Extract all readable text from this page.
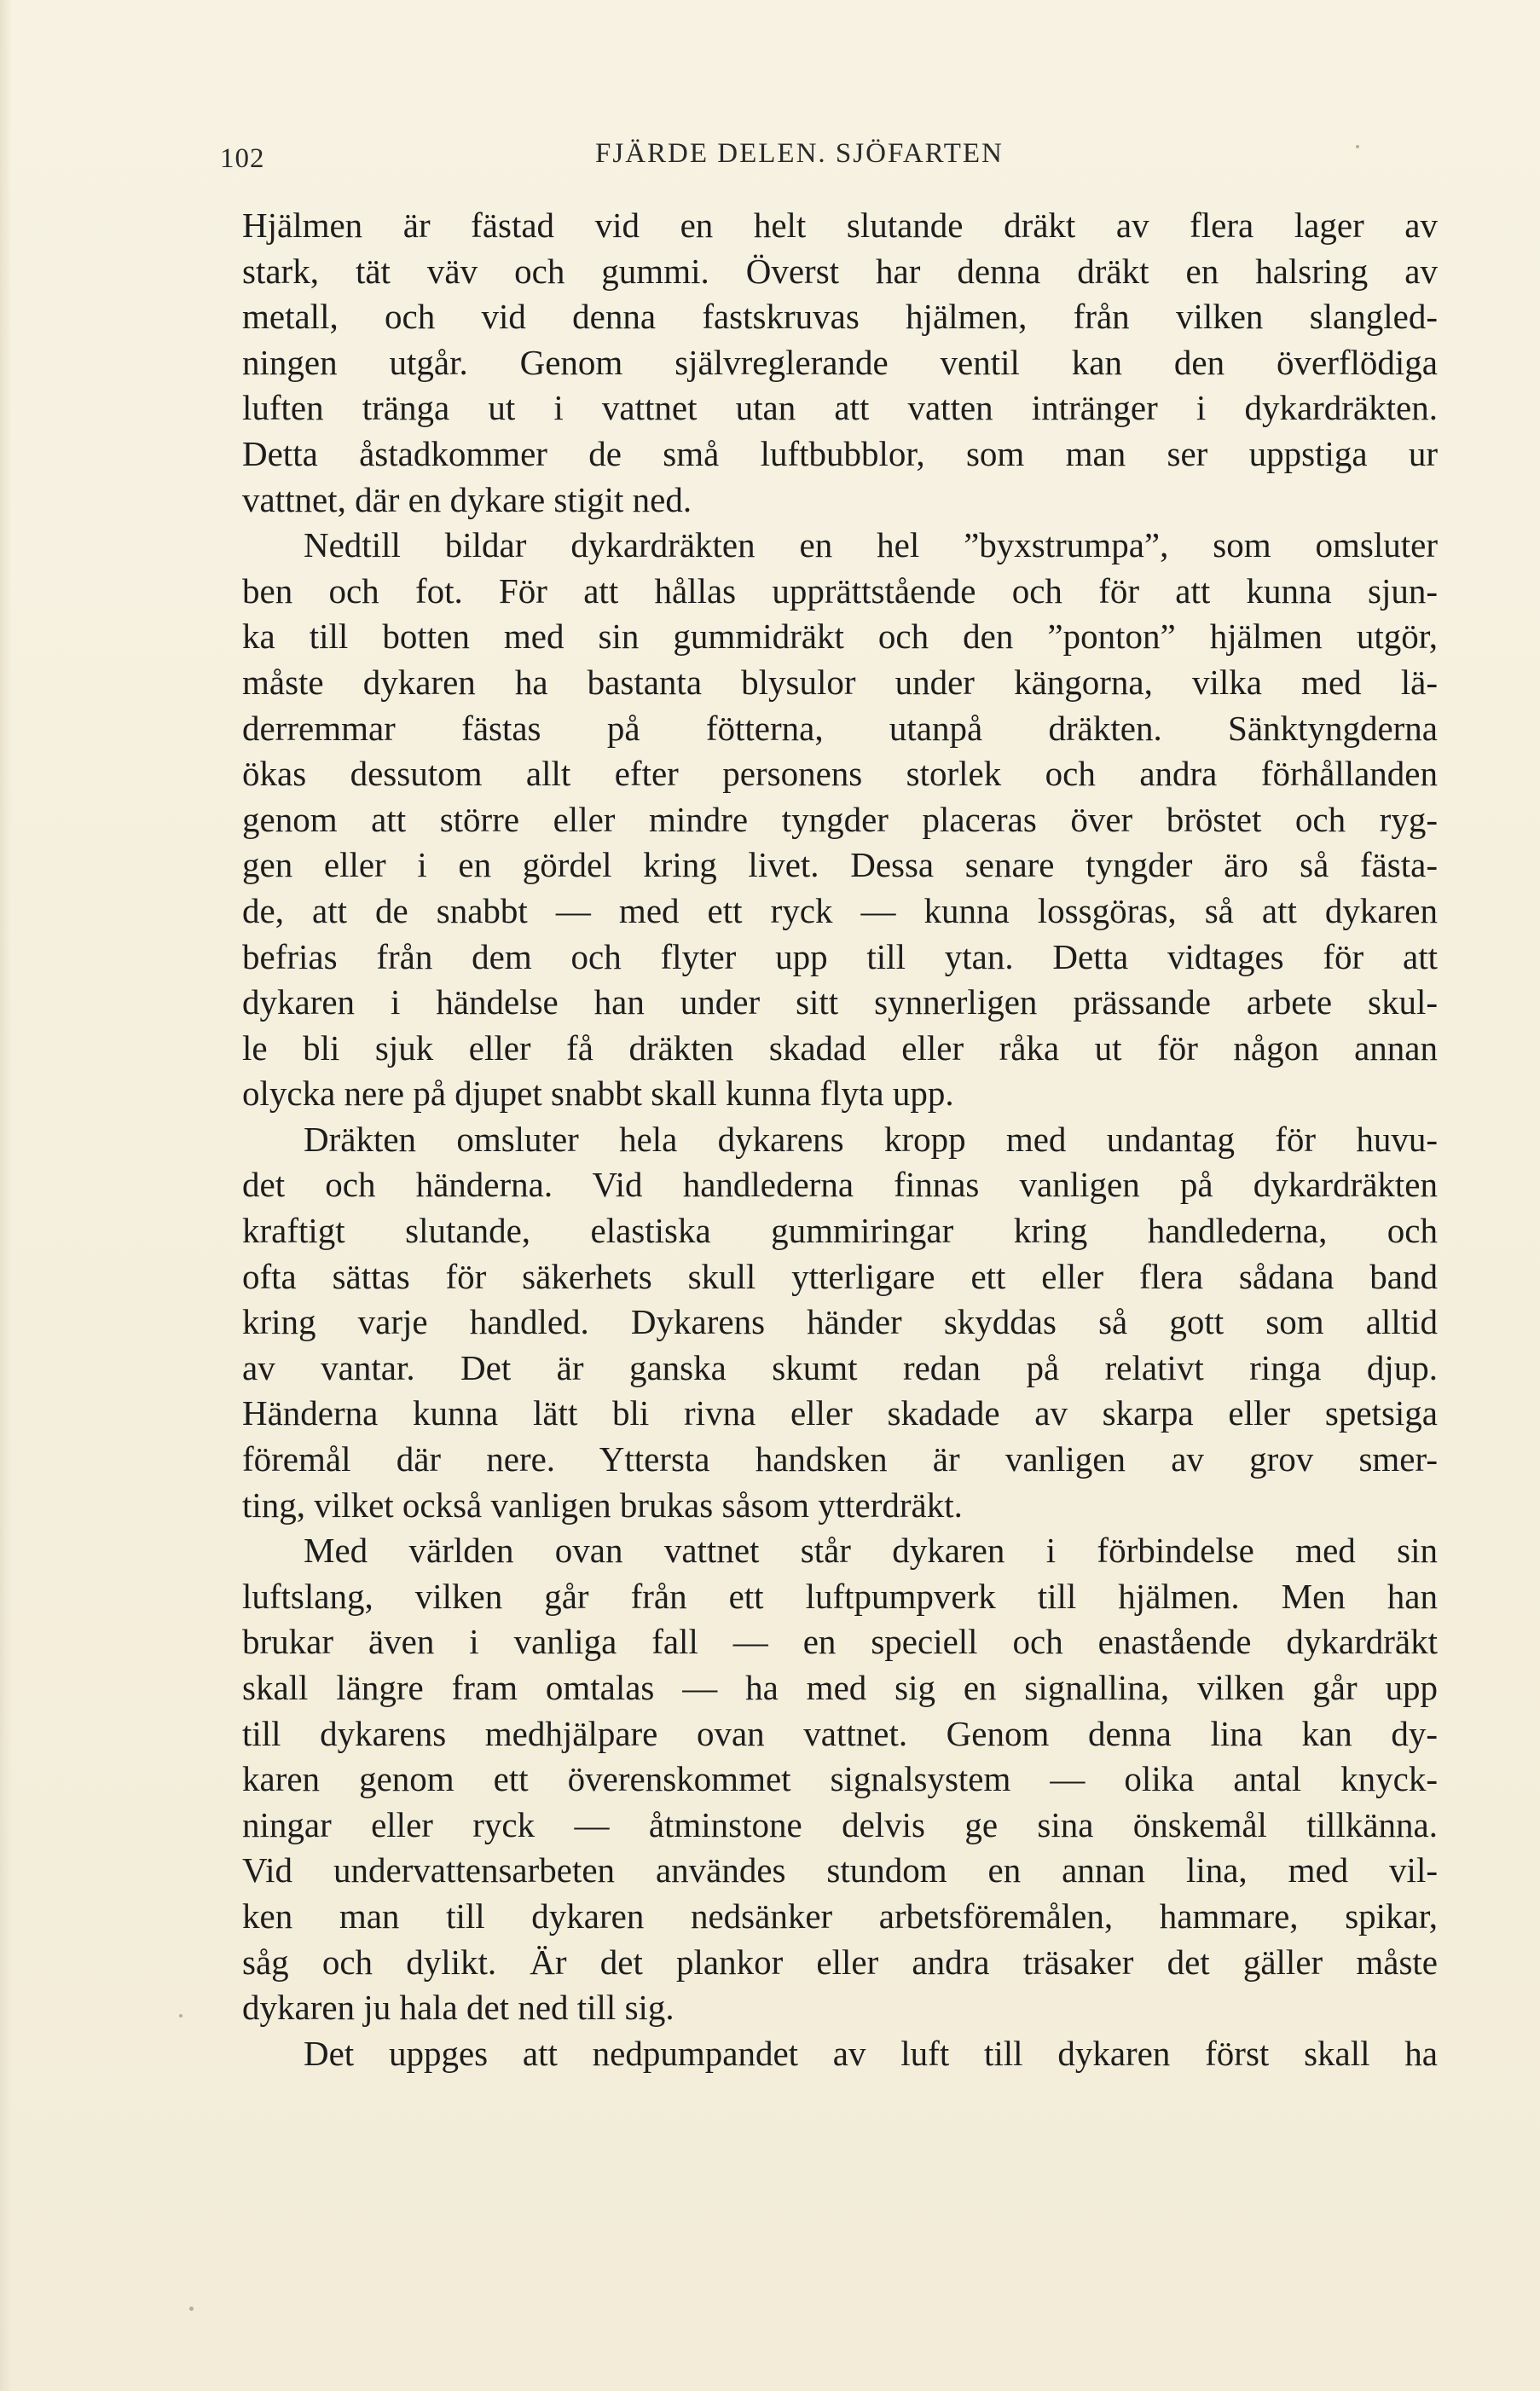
102	FJÄRDE DELEN. SJÖFARTEN
Hjälmen är fästad vid en helt slutande dräkt av flera lager av
stark, tät väv och gummi. Överst har denna dräkt en halsring av
metall, och vid denna fastskruvas hjälmen, från vilken slangled-
ningen utgår. Genom självreglerande ventil kan den överflödiga
luften tränga ut i vattnet utan att vatten intränger i dykardräkten.
Detta åstadkommer de små luftbubblor, som man ser uppstiga ur
vattnet, där en dykare stigit ned.
Nedtill bildar dykardräkten en hel ”byxstrumpa”, som omsluter
ben och fot. För att hållas upprättstående och för att kunna sjun-
ka till botten med sin gummidräkt och den ”ponton” hjälmen utgör,
måste dykaren ha bastanta blysulor under kängorna, vilka med lä-
derremmar fästas på fötterna, utanpå dräkten. Sänktyngderna
ökas dessutom allt efter personens storlek och andra förhållanden
genom att större eller mindre tyngder placeras över bröstet och ryg-
gen eller i en gördel kring livet. Dessa senare tyngder äro så fästa-
de, att de snabbt — med ett ryck — kunna lossgöras, så att dykaren
befrias från dem och flyter upp till ytan. Detta vidtages för att
dykaren i händelse han under sitt synnerligen prässande arbete skul-
le bli sjuk eller få dräkten skadad eller råka ut för någon annan
olycka nere på djupet snabbt skall kunna flyta upp.
Dräkten omsluter hela dykarens kropp med undantag för huvu-
det och händerna. Vid handlederna finnas vanligen på dykardräkten
kraftigt slutande, elastiska gummiringar kring handlederna, och
ofta sättas för säkerhets skull ytterligare ett eller flera sådana band
kring varje handled. Dykarens händer skyddas så gott som alltid
av vantar. Det är ganska skumt redan på relativt ringa djup.
Händerna kunna lätt bli rivna eller skadade av skarpa eller spetsiga
föremål där nere. Yttersta handsken är vanligen av grov smer-
ting, vilket också vanligen brukas såsom ytterdräkt.
Med världen ovan vattnet står dykaren i förbindelse med sin
luftslang, vilken går från ett luftpumpverk till hjälmen. Men han
brukar även i vanliga fall — en speciell och enastående dykardräkt
skall längre fram omtalas — ha med sig en signallina, vilken går upp
till dykarens medhjälpare ovan vattnet. Genom denna lina kan dy-
karen genom ett överenskommet signalsystem — olika antal knyck-
ningar eller ryck — åtminstone delvis ge sina önskemål tillkänna.
Vid undervattensarbeten användes stundom en annan lina, med vil-
ken man till dykaren nedsänker arbetsföremålen, hammare, spikar,
såg och dylikt. Är det plankor eller andra träsaker det gäller måste
dykaren ju hala det ned till sig.
Det uppges att nedpumpandet av luft till dykaren först skall ha
